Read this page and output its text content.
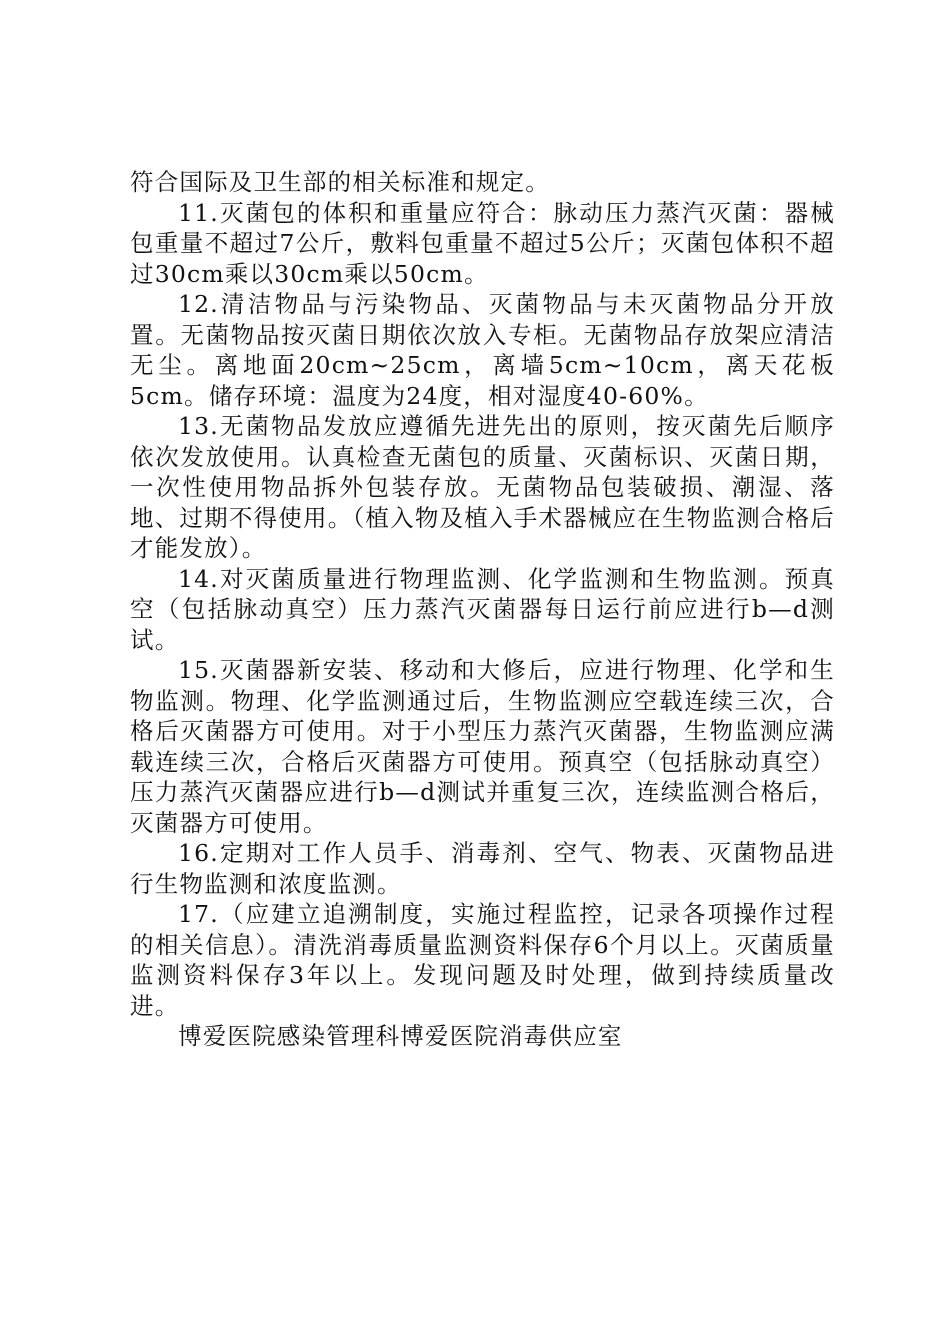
符合国际及卫生部的相关标准和规定。

11.灭菌包的体积和重量应符合：脉动压力蒸汽灭菌：器械包重量不超过7公斤，敷料包重量不超过5公斤；灭菌包体积不超过30cm乘以30cm乘以50cm。

12.清洁物品与污染物品、灭菌物品与未灭菌物品分开放置。无菌物品按灭菌日期依次放入专柜。无菌物品存放架应清洁无尘。离地面20cm~25cm，离墙5cm~10cm，离天花板5cm。储存环境：温度为24度，相对湿度40-60%。

13.无菌物品发放应遵循先进先出的原则，按灭菌先后顺序依次发放使用。认真检查无菌包的质量、灭菌标识、灭菌日期，一次性使用物品拆外包装存放。无菌物品包装破损、潮湿、落地、过期不得使用。（植入物及植入手术器械应在生物监测合格后才能发放）。

14.对灭菌质量进行物理监测、化学监测和生物监测。预真空（包括脉动真空）压力蒸汽灭菌器每日运行前应进行b—d测试。

15.灭菌器新安装、移动和大修后，应进行物理、化学和生物监测。物理、化学监测通过后，生物监测应空载连续三次，合格后灭菌器方可使用。对于小型压力蒸汽灭菌器，生物监测应满载连续三次，合格后灭菌器方可使用。预真空（包括脉动真空）压力蒸汽灭菌器应进行b—d测试并重复三次，连续监测合格后，灭菌器方可使用。

16.定期对工作人员手、消毒剂、空气、物表、灭菌物品进行生物监测和浓度监测。

17.（应建立追溯制度，实施过程监控，记录各项操作过程的相关信息）。清洗消毒质量监测资料保存6个月以上。灭菌质量监测资料保存3年以上。发现问题及时处理，做到持续质量改进。

博爱医院感染管理科博爱医院消毒供应室
